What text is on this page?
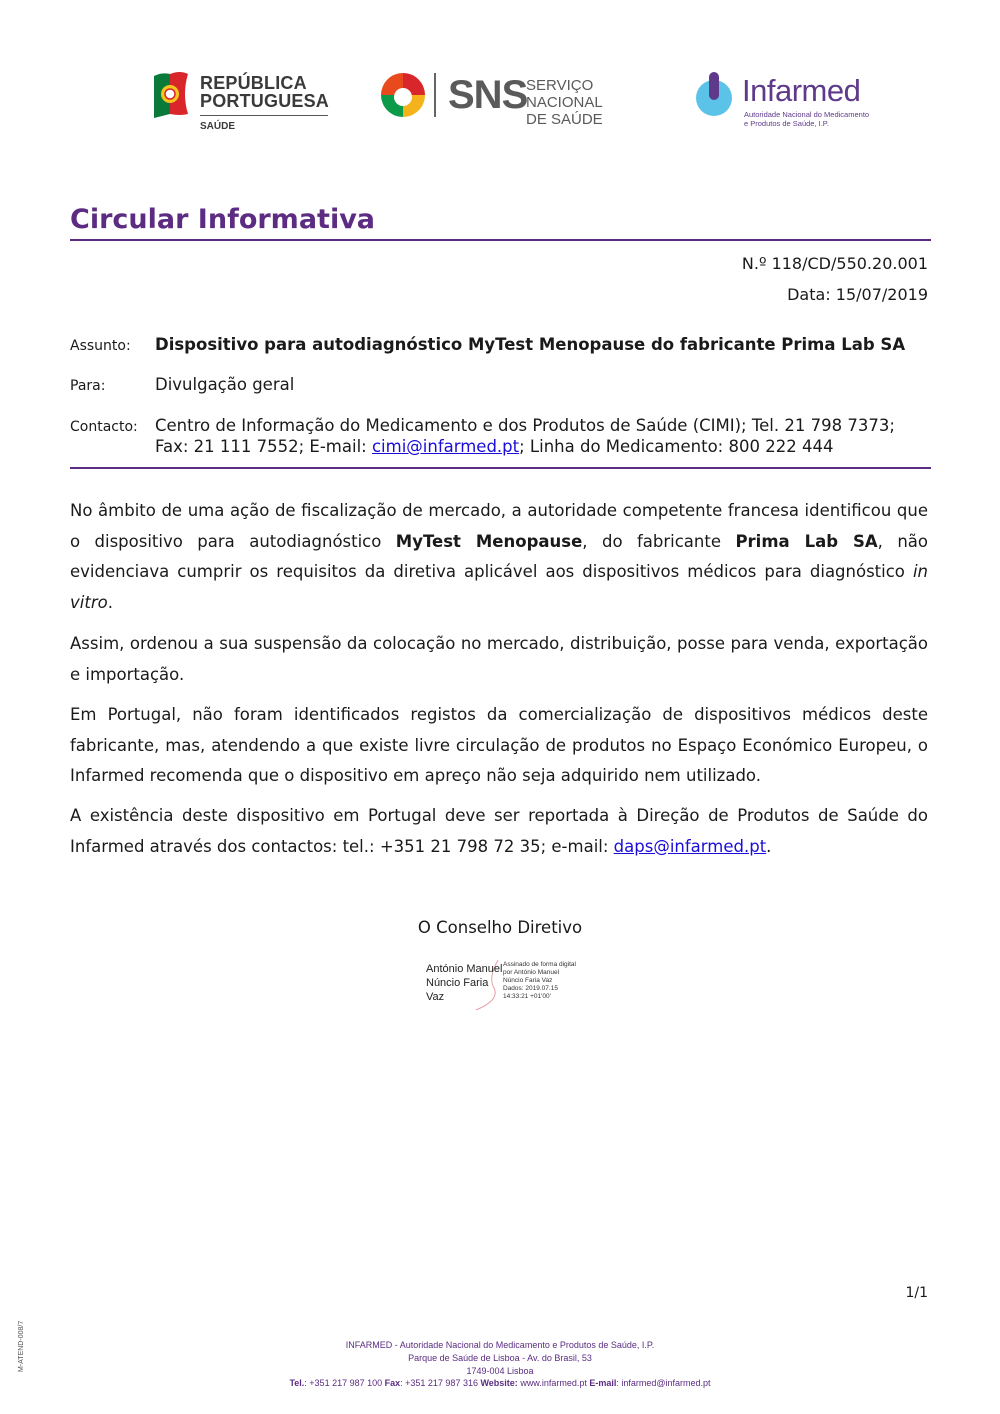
REPÚBLICA
PORTUGUESA
SAÚDE
SNS
SERVIÇO NACIONAL
DE SAÚDE
Infarmed
Autoridade Nacional do Medicamento
e Produtos de Saúde, I.P.
Circular Informativa
N.º 118/CD/550.20.001
Data: 15/07/2019
Assunto: Dispositivo para autodiagnóstico MyTest Menopause do fabricante Prima Lab SA
Para:	Divulgação geral
Contacto: Centro de Informação do Medicamento e dos Produtos de Saúde (CIMI); Tel. 21 798 7373;
Fax: 21 111 7552; E-mail: cimi@infarmed.pt; Linha do Medicamento: 800 222 444

No âmbito de uma ação de fiscalização de mercado, a autoridade competente francesa identificou que o dispositivo para autodiagnóstico MyTest Menopause, do fabricante Prima Lab SA, não evidenciava cumprir os requisitos da diretiva aplicável aos dispositivos médicos para diagnóstico in vitro.

Assim, ordenou a sua suspensão da colocação no mercado, distribuição, posse para venda, exportação e importação.

Em Portugal, não foram identificados registos da comercialização de dispositivos médicos deste fabricante, mas, atendendo a que existe livre circulação de produtos no Espaço Económico Europeu, o Infarmed recomenda que o dispositivo em apreço não seja adquirido nem utilizado.

A existência deste dispositivo em Portugal deve ser reportada à Direção de Produtos de Saúde do Infarmed através dos contactos: tel.: +351 21 798 72 35; e-mail: daps@infarmed.pt.

O Conselho Diretivo
António Manuel
Núncio Faria
Vaz
Assinado de forma digital
por António Manuel
Núncio Faria Vaz
Dados: 2019.07.15
14:33:21 +01'00'
1/1
M-ATEND-008/7	INFARMED - Autoridade Nacional do Medicamento e Produtos de Saúde, I.P.
Parque de Saúde de Lisboa - Av. do Brasil, 53
1749-004 Lisboa
Tel.: +351 217 987 100 Fax: +351 217 987 316 Website: www.infarmed.pt E-mail: infarmed@infarmed.pt
